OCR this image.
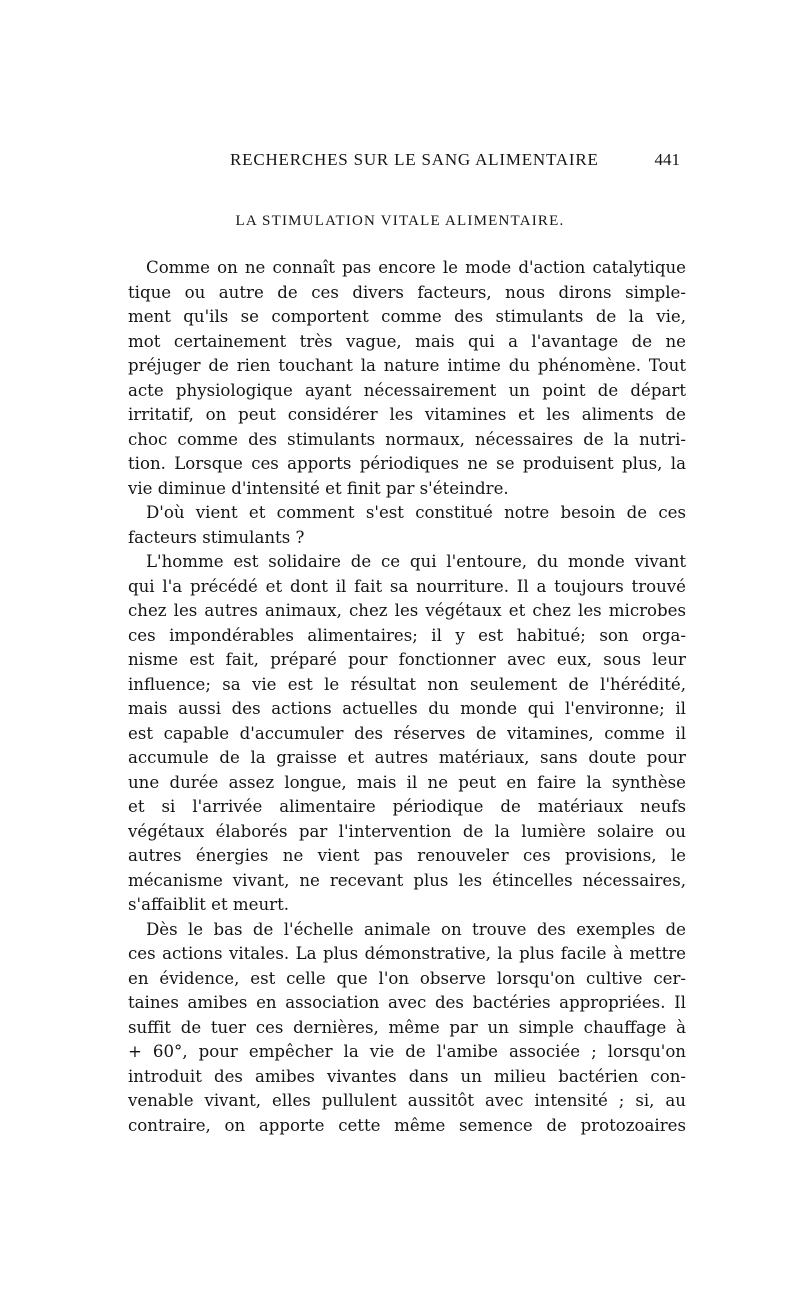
RECHERCHES SUR LE SANG ALIMENTAIRE	441
LA STIMULATION VITALE ALIMENTAIRE.
Comme on ne connaît pas encore le mode d'action catalytique
tique ou autre de ces divers facteurs, nous dirons simple-
ment qu'ils se comportent comme des stimulants de la vie,
mot certainement très vague, mais qui a l'avantage de ne
préjuger de rien touchant la nature intime du phénomène. Tout
acte physiologique ayant nécessairement un point de départ
irritatif, on peut considérer les vitamines et les aliments de
choc comme des stimulants normaux, nécessaires de la nutri-
tion. Lorsque ces apports périodiques ne se produisent plus, la
vie diminue d'intensité et finit par s'éteindre.
D'où vient et comment s'est constitué notre besoin de ces
facteurs stimulants ?
L'homme est solidaire de ce qui l'entoure, du monde vivant
qui l'a précédé et dont il fait sa nourriture. Il a toujours trouvé
chez les autres animaux, chez les végétaux et chez les microbes
ces impondérables alimentaires; il y est habitué; son orga-
nisme est fait, préparé pour fonctionner avec eux, sous leur
influence; sa vie est le résultat non seulement de l'hérédité,
mais aussi des actions actuelles du monde qui l'environne; il
est capable d'accumuler des réserves de vitamines, comme il
accumule de la graisse et autres matériaux, sans doute pour
une durée assez longue, mais il ne peut en faire la synthèse
et si l'arrivée alimentaire périodique de matériaux neufs
végétaux élaborés par l'intervention de la lumière solaire ou
autres énergies ne vient pas renouveler ces provisions, le
mécanisme vivant, ne recevant plus les étincelles nécessaires,
s'affaiblit et meurt.
Dès le bas de l'échelle animale on trouve des exemples de
ces actions vitales. La plus démonstrative, la plus facile à mettre
en évidence, est celle que l'on observe lorsqu'on cultive cer-
taines amibes en association avec des bactéries appropriées. Il
suffit de tuer ces dernières, même par un simple chauffage à
+ 60°, pour empêcher la vie de l'amibe associée ; lorsqu'on
introduit des amibes vivantes dans un milieu bactérien con-
venable vivant, elles pullulent aussitôt avec intensité ; si, au
contraire, on apporte cette même semence de protozoaires
